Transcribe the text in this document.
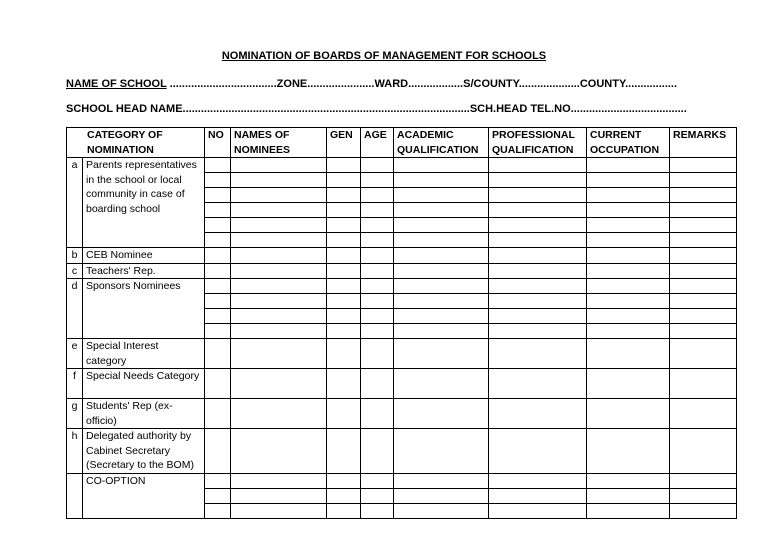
NOMINATION OF BOARDS OF MANAGEMENT FOR SCHOOLS
NAME OF SCHOOL ...................................ZONE......................WARD..................S/COUNTY....................COUNTY.................
SCHOOL HEAD NAME..............................................................................................SCH.HEAD TEL.NO......................................
CATEGORY OF NOMINATION		NO	NAMES OF NOMINEES	GEN	AGE	ACADEMIC QUALIFICATION	PROFESSIONAL QUALIFICATION	CURRENT OCCUPATION	REMARKS
a	Parents representatives in the school or local community in case of boarding school								

b	CEB Nominee								
c	Teachers' Rep.								
d	Sponsors Nominees								

e	Special Interest category								
f	Special Needs Category								
g	Students' Rep (ex-officio)								
h	Delegated authority by Cabinet Secretary (Secretary to the BOM)								
	CO-OPTION								
